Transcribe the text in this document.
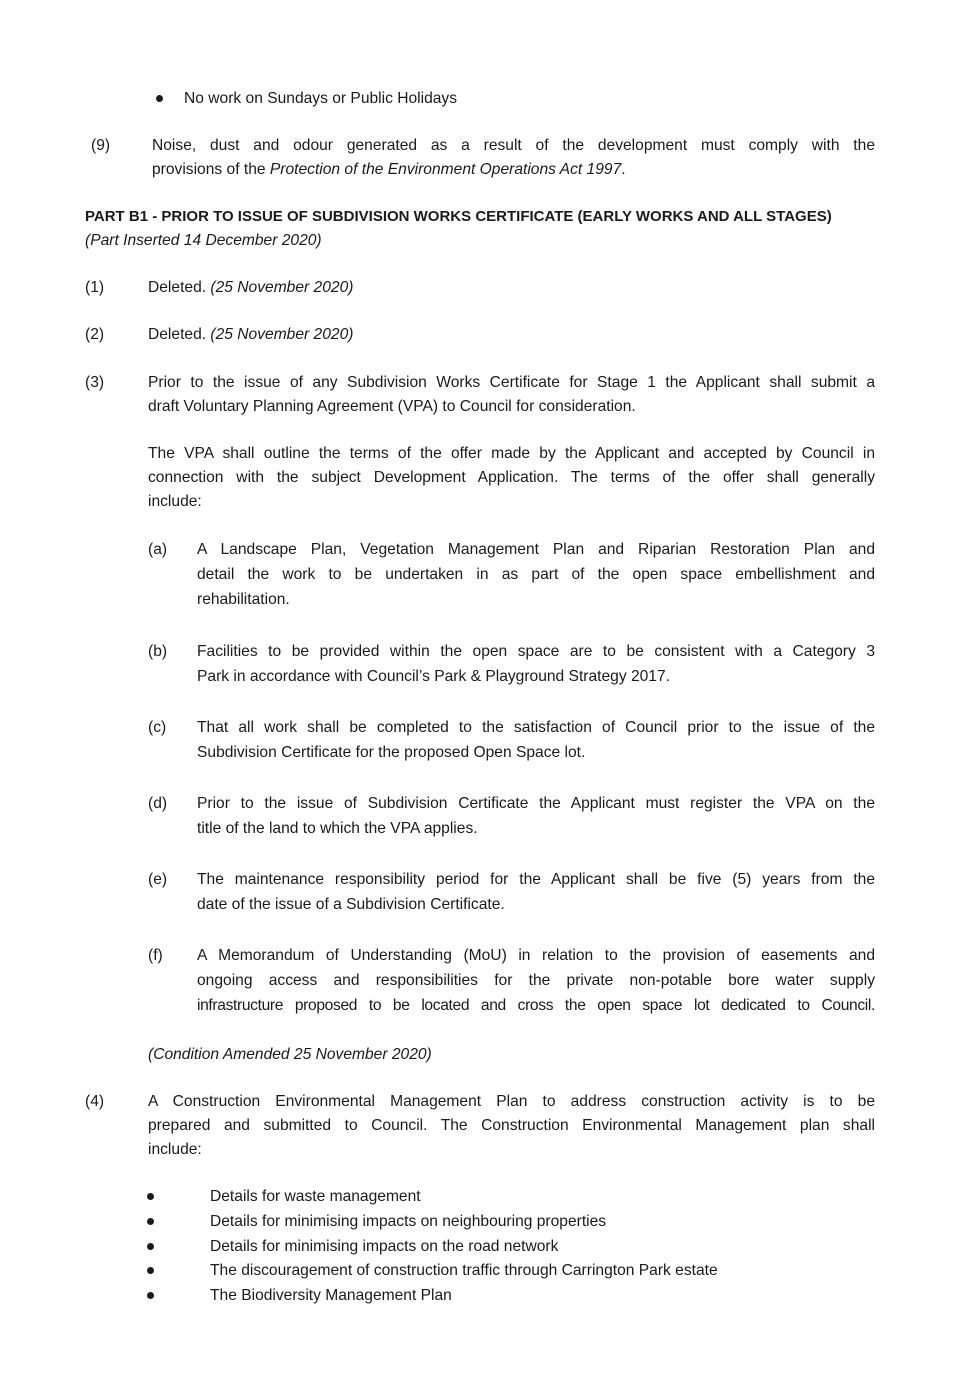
No work on Sundays or Public Holidays
(9)	Noise, dust and odour generated as a result of the development must comply with the
provisions of the Protection of the Environment Operations Act 1997.
PART B1 - PRIOR TO ISSUE OF SUBDIVISION WORKS CERTIFICATE (EARLY WORKS AND ALL STAGES)
(Part Inserted 14 December 2020)
(1)	Deleted. (25 November 2020)
(2)	Deleted. (25 November 2020)
(3)	Prior to the issue of any Subdivision Works Certificate for Stage 1 the Applicant shall submit a
draft Voluntary Planning Agreement (VPA) to Council for consideration.
The VPA shall outline the terms of the offer made by the Applicant and accepted by Council in
connection with the subject Development Application. The terms of the offer shall generally
include:
(a) A Landscape Plan, Vegetation Management Plan and Riparian Restoration Plan and
detail the work to be undertaken in as part of the open space embellishment and
rehabilitation.
(b) Facilities to be provided within the open space are to be consistent with a Category 3
Park in accordance with Council’s Park & Playground Strategy 2017.
(c) That all work shall be completed to the satisfaction of Council prior to the issue of the
Subdivision Certificate for the proposed Open Space lot.
(d) Prior to the issue of Subdivision Certificate the Applicant must register the VPA on the
title of the land to which the VPA applies.
(e) The maintenance responsibility period for the Applicant shall be five (5) years from the
date of the issue of a Subdivision Certificate.
(f) A Memorandum of Understanding (MoU) in relation to the provision of easements and
ongoing access and responsibilities for the private non-potable bore water supply
infrastructure proposed to be located and cross the open space lot dedicated to Council.
(Condition Amended 25 November 2020)
(4)	A Construction Environmental Management Plan to address construction activity is to be
prepared and submitted to Council. The Construction Environmental Management plan shall
include:
Details for waste management
Details for minimising impacts on neighbouring properties
Details for minimising impacts on the road network
The discouragement of construction traffic through Carrington Park estate
The Biodiversity Management Plan
